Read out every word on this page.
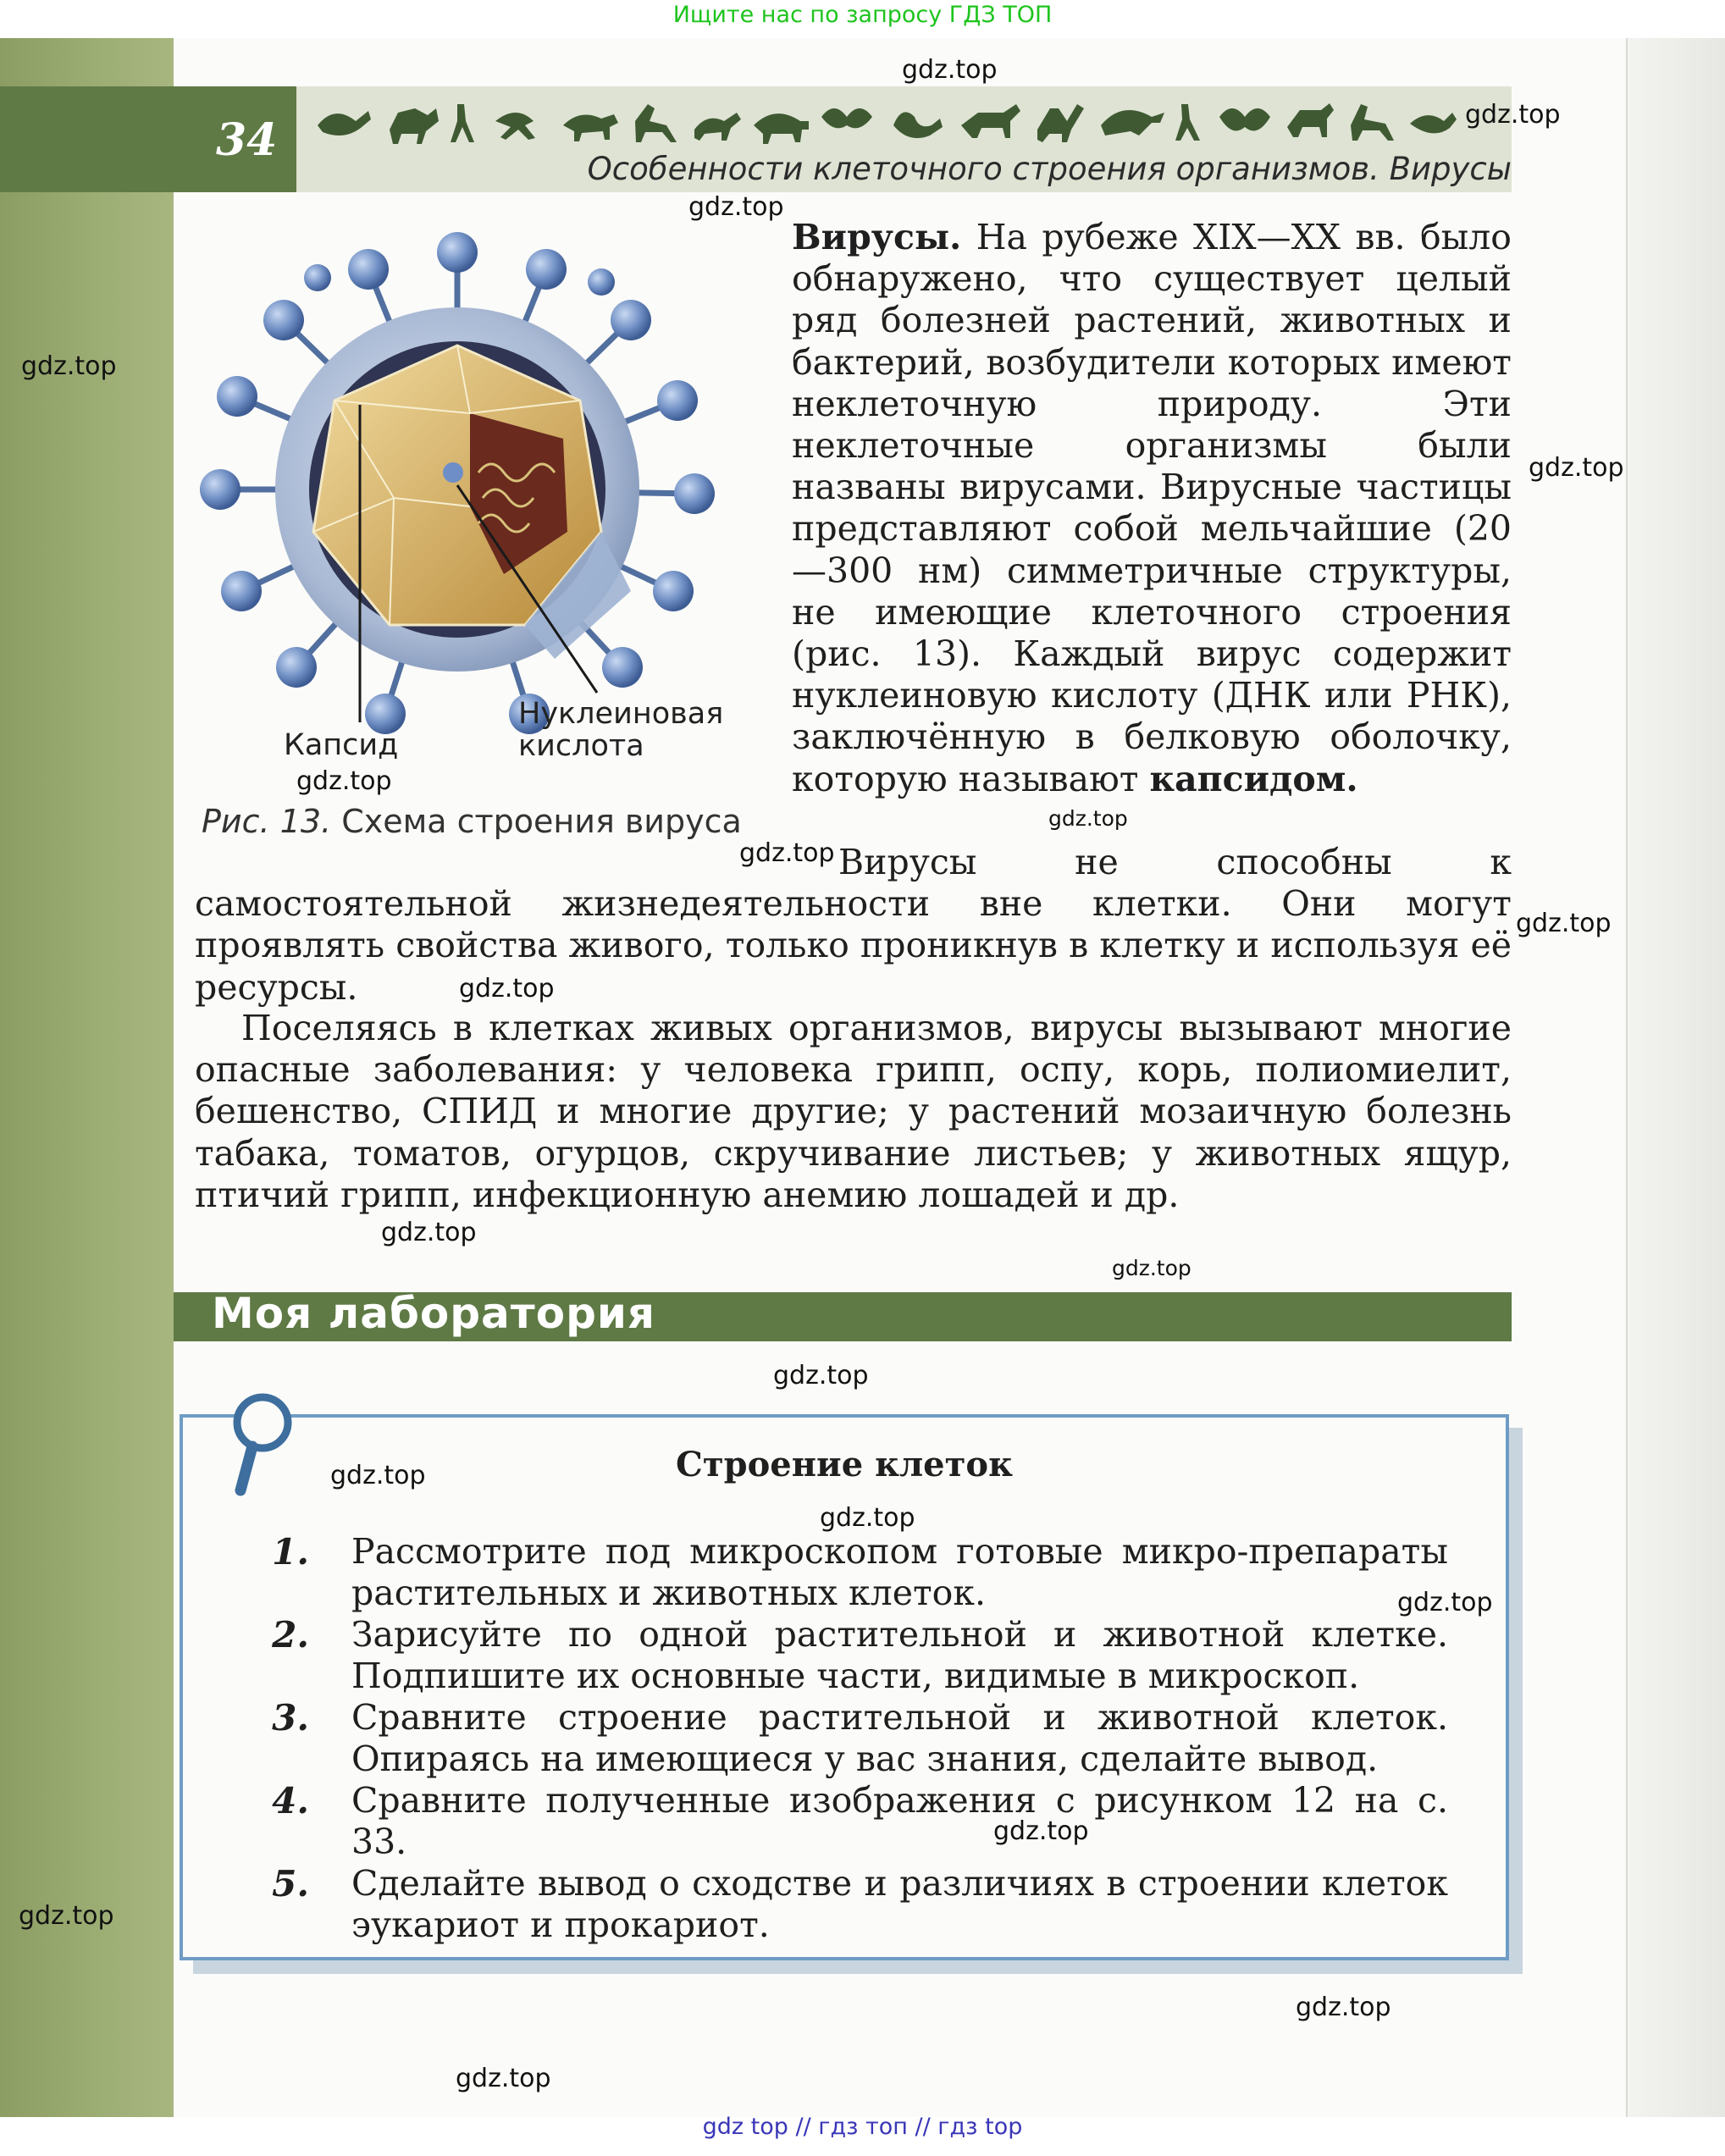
Ищите нас по запросу ГДЗ ТОП
34
Особенности клеточного строения организмов. Вирусы
Капсид
Нуклеиновая
кислота
Рис. 13. Схема строения вируса
Вирусы. На рубеже XIX—XX вв. было обнаружено, что существует целый ряд болезней растений, животных и бактерий, возбудители которых имеют неклеточную природу. Эти неклеточные организмы были названы вирусами. Вирусные частицы представляют собой мельчайшие (20—300 нм) симметричные структуры, не имеющие клеточного строения (рис. 13). Каждый вирус содержит нуклеиновую кислоту (ДНК или РНК), заключённую в белковую оболочку, которую называют капсидом.
Вирусы не способны к самостоятельной жизнедеятельности вне клетки. Они могут проявлять свойства живого, только проникнув в клетку и используя её ресурсы.
Поселяясь в клетках живых организмов, вирусы вызывают многие опасные заболевания: у человека грипп, оспу, корь, полиомиелит, бешенство, СПИД и многие другие; у растений мозаичную болезнь табака, томатов, огурцов, скручивание листьев; у животных ящур, птичий грипп, инфекционную анемию лошадей и др.
Моя лаборатория
Строение клеток
1. Рассмотрите под микроскопом готовые микро-препараты растительных и животных клеток.
2. Зарисуйте по одной растительной и животной клетке. Подпишите их основные части, видимые в микроскоп.
3. Сравните строение растительной и животной клеток. Опираясь на имеющиеся у вас знания, сделайте вывод.
4. Сравните полученные изображения с рисунком 12 на с. 33.
5. Сделайте вывод о сходстве и различиях в строении клеток эукариот и прокариот.
gdz.top
gdz.top
gdz.top
gdz.top
gdz.top
gdz.top
gdz.top
gdz.top
gdz.top
gdz.top
gdz.top
gdz.top
gdz.top
gdz.top
gdz.top
gdz.top
gdz.top
gdz.top
gdz.top
gdz.top
gdz top // гдз топ // гдз top
